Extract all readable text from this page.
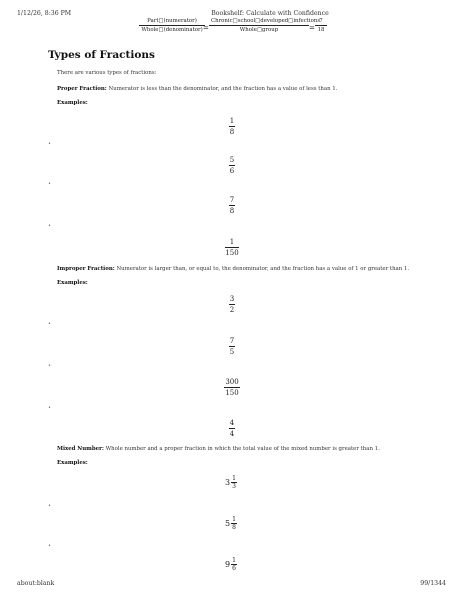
1/12/26, 8:36 PM	Bookshelf: Calculate with Confidence
Part□(numerator)
Whole□(denominator) =
Chronic□school□developed□infections
Whole□group	= $\frac{7}{18}$
Types of Fractions
There are various types of fractions:
Proper Fraction: Numerator is less than the denominator, and the fraction has a value of less than 1.
Examples:
$\frac{1}{8}$
•
$\frac{5}{6}$
•
$\frac{7}{8}$
•
$\frac{1}{150}$
Improper Fraction: Numerator is larger than, or equal to, the denominator, and the fraction has a value of 1 or greater than 1.
Examples:
$\frac{3}{2}$
•
$\frac{7}{5}$
•
$\frac{300}{150}$
•
$\frac{4}{4}$
Mixed Number: Whole number and a proper fraction in which the total value of the mixed number is greater than 1.
Examples:
$3 \frac{1}{3}$
•
$5 \frac{1}{8}$
•
$9 \frac{1}{6}$
about:blank	99/1344
